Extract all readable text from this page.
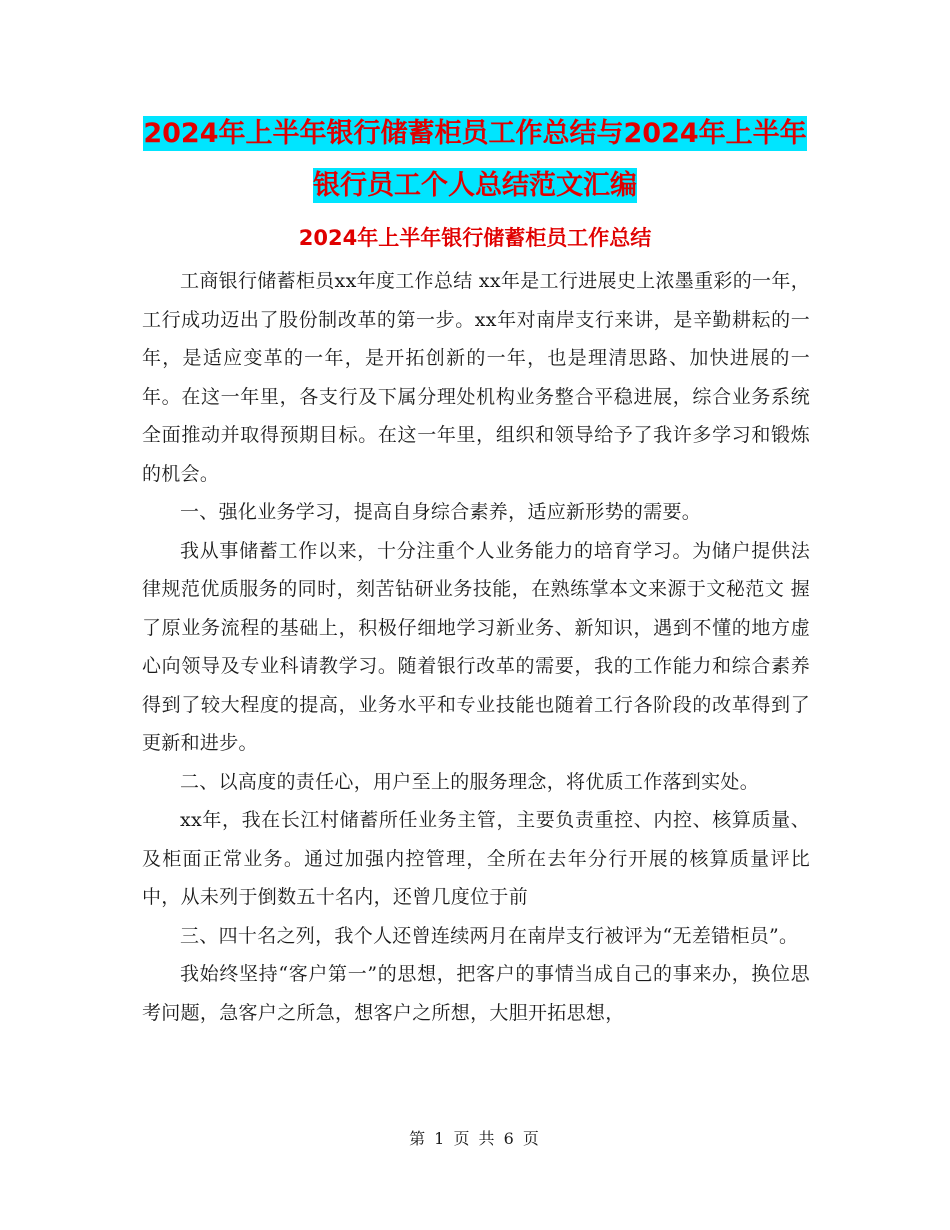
2024年上半年银行储蓄柜员工作总结与2024年上半年
银行员工个人总结范文汇编
2024年上半年银行储蓄柜员工作总结

工商银行储蓄柜员xx年度工作总结 xx年是工行进展史上浓墨重彩的一年，工行成功迈出了股份制改革的第一步。xx年对南岸支行来讲，是辛勤耕耘的一年，是适应变革的一年，是开拓创新的一年，也是理清思路、加快进展的一年。在这一年里，各支行及下属分理处机构业务整合平稳进展，综合业务系统全面推动并取得预期目标。在这一年里，组织和领导给予了我许多学习和锻炼的机会。

一、强化业务学习，提高自身综合素养，适应新形势的需要。

我从事储蓄工作以来，十分注重个人业务能力的培育学习。为储户提供法律规范优质服务的同时，刻苦钻研业务技能，在熟练掌本文来源于文秘范文 握了原业务流程的基础上，积极仔细地学习新业务、新知识，遇到不懂的地方虚心向领导及专业科请教学习。随着银行改革的需要，我的工作能力和综合素养得到了较大程度的提高，业务水平和专业技能也随着工行各阶段的改革得到了更新和进步。

二、以高度的责任心，用户至上的服务理念，将优质工作落到实处。

xx年，我在长江村储蓄所任业务主管，主要负责重控、内控、核算质量、及柜面正常业务。通过加强内控管理，全所在去年分行开展的核算质量评比中，从未列于倒数五十名内，还曾几度位于前

三、四十名之列，我个人还曾连续两月在南岸支行被评为“无差错柜员”。

我始终坚持“客户第一”的思想，把客户的事情当成自己的事来办，换位思考问题，急客户之所急，想客户之所想，大胆开拓思想，

第 1 页 共 6 页
